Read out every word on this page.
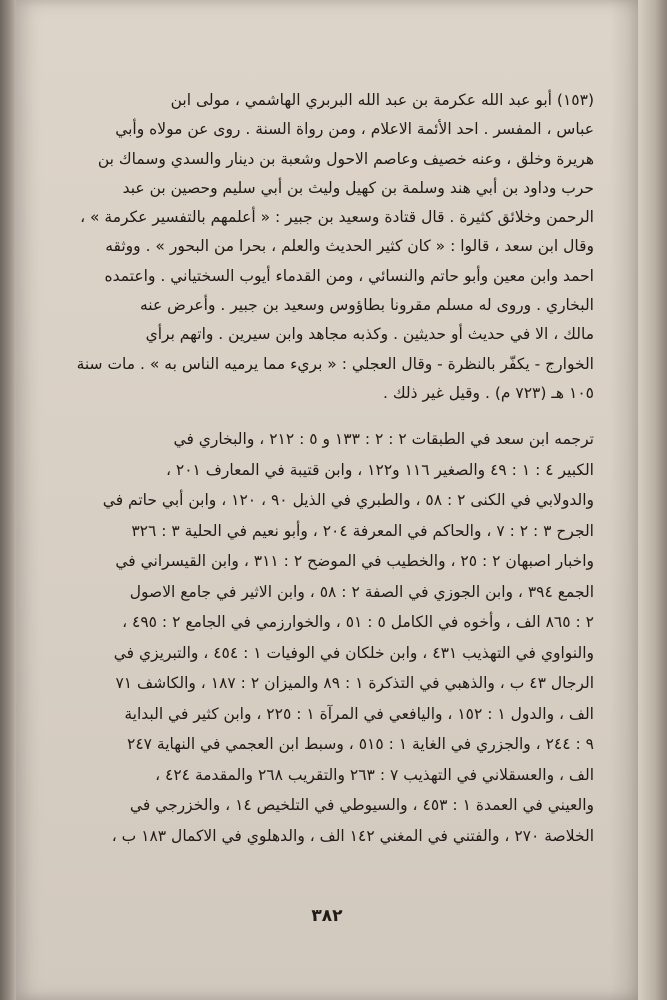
(١٥٣) أبو عبد الله عكرمة بن عبد الله البربري الهاشمي ، مولى ابن
عباس ، المفسر . احد الأئمة الاعلام ، ومن رواة السنة . روى عن مولاه وأبي
هريرة وخلق ، وعنه خصيف وعاصم الاحول وشعبة بن دينار والسدي وسماك بن
حرب وداود بن أبي هند وسلمة بن كهيل وليث بن أبي سليم وحصين بن عبد
الرحمن وخلائق كثيرة . قال قتادة وسعيد بن جبير : « أعلمهم بالتفسير عكرمة » ،
وقال ابن سعد ، قالوا : « كان كثير الحديث والعلم ، بحرا من البحور » . ووثقه
احمد وابن معين وأبو حاتم والنسائي ، ومن القدماء أيوب السختياني . واعتمده
البخاري . وروى له مسلم مقرونا بطاؤوس وسعيد بن جبير . وأعرض عنه
مالك ، الا في حديث أو حديثين . وكذبه مجاهد وابن سيرين . واتهم برأي
الخوارج - يكفّر بالنظرة - وقال العجلي : « بريء مما يرميه الناس به » . مات سنة
١٠٥ هـ (٧٢٣ م) . وقيل غير ذلك .
ترجمه ابن سعد في الطبقات ٢ : ٢ : ١٣٣ و ٥ : ٢١٢ ، والبخاري في
الكبير ٤ : ١ : ٤٩ والصغير ١١٦ و١٢٢ ، وابن قتيبة في المعارف ٢٠١ ،
والدولابي في الكنى ٢ : ٥٨ ، والطبري في الذيل ٩٠ ، ١٢٠ ، وابن أبي حاتم في
الجرح ٣ : ٢ : ٧ ، والحاكم في المعرفة ٢٠٤ ، وأبو نعيم في الحلية ٣ : ٣٢٦
واخبار اصبهان ٢ : ٢٥ ، والخطيب في الموضح ٢ : ٣١١ ، وابن القيسراني في
الجمع ٣٩٤ ، وابن الجوزي في الصفة ٢ : ٥٨ ، وابن الاثير في جامع الاصول
٢ : ٨٦٥ الف ، وأخوه في الكامل ٥ : ٥١ ، والخوارزمي في الجامع ٢ : ٤٩٥ ،
والنواوي في التهذيب ٤٣١ ، وابن خلكان في الوفيات ١ : ٤٥٤ ، والتبريزي في
الرجال ٤٣ ب ، والذهبي في التذكرة ١ : ٨٩ والميزان ٢ : ١٨٧ ، والكاشف ٧١
الف ، والدول ١ : ١٥٢ ، واليافعي في المرآة ١ : ٢٢٥ ، وابن كثير في البداية
٩ : ٢٤٤ ، والجزري في الغاية ١ : ٥١٥ ، وسبط ابن العجمي في النهاية ٢٤٧
الف ، والعسقلاني في التهذيب ٧ : ٢٦٣ والتقريب ٢٦٨ والمقدمة ٤٢٤ ،
والعيني في العمدة ١ : ٤٥٣ ، والسيوطي في التلخيص ١٤ ، والخزرجي في
الخلاصة ٢٧٠ ، والفتني في المغني ١٤٢ الف ، والدهلوي في الاكمال ١٨٣ ب ،
٣٨٢
